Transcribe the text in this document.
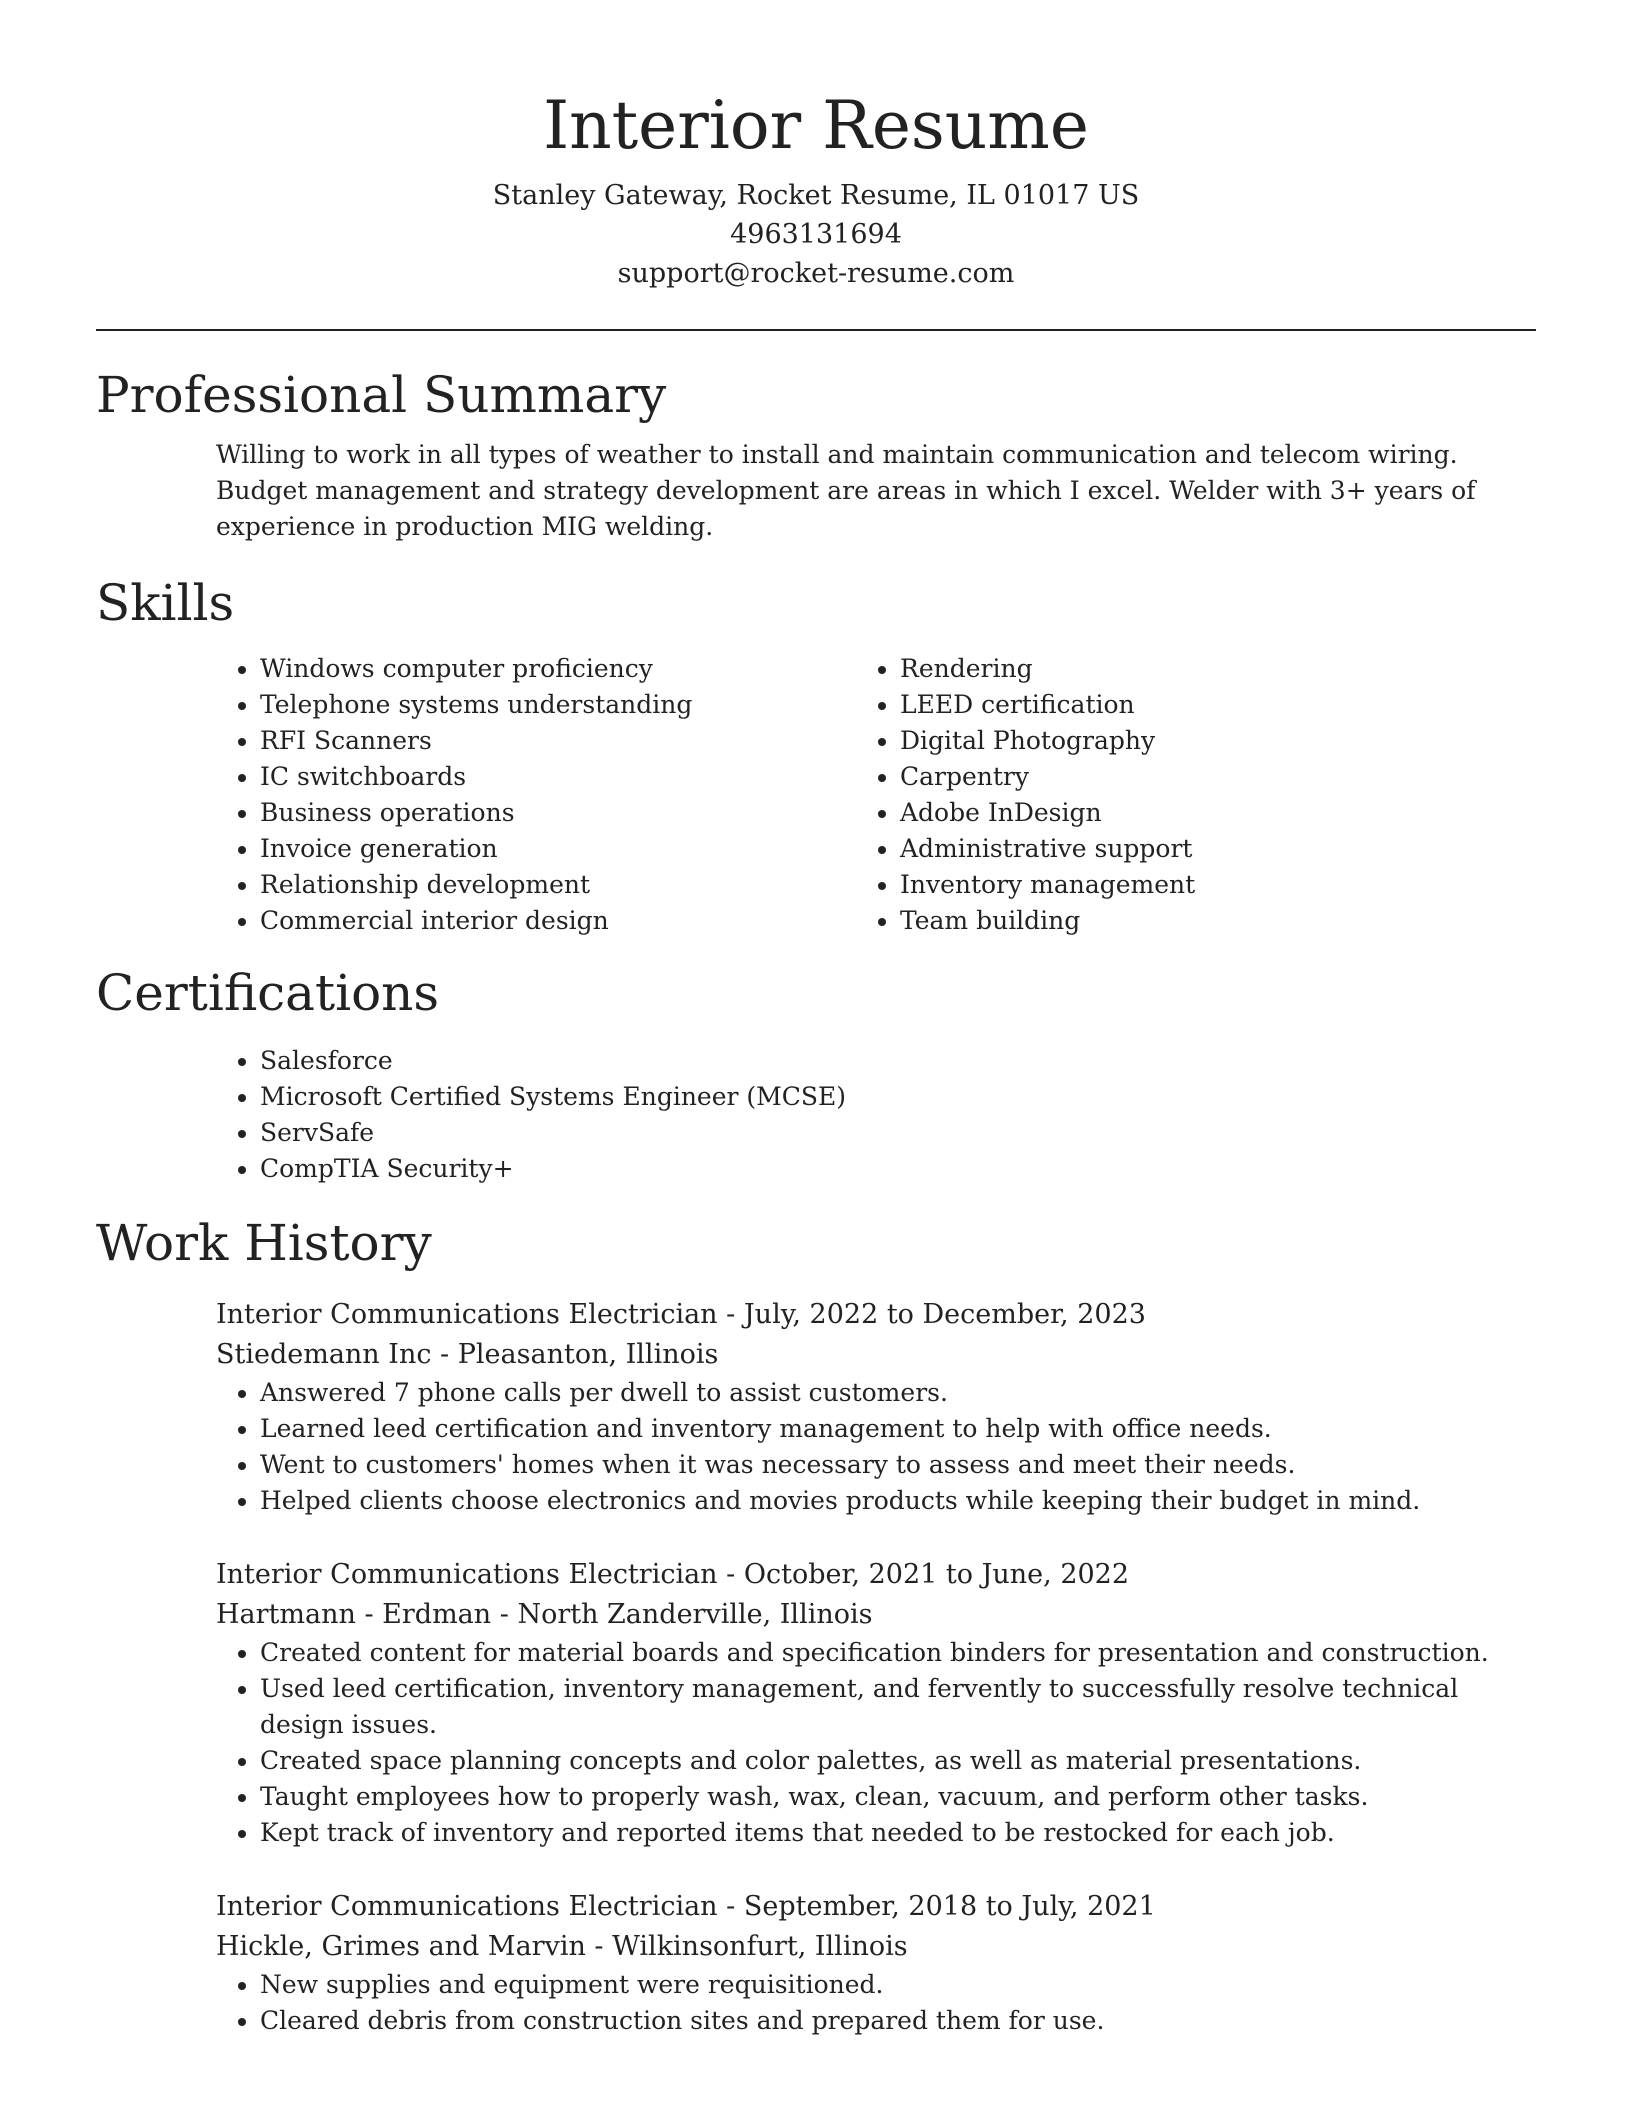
Interior Resume

Stanley Gateway, Rocket Resume, IL 01017 US

4963131694

support@rocket-resume.com

Professional Summary

Willing to work in all types of weather to install and maintain communication and telecom wiring. Budget management and strategy development are areas in which I excel. Welder with 3+ years of experience in production MIG welding.

Skills
• Windows computer proficiency
• Telephone systems understanding
• RFI Scanners
• IC switchboards
• Business operations
• Invoice generation
• Relationship development
• Commercial interior design
• Rendering
• LEED certification
• Digital Photography
• Carpentry
• Adobe InDesign
• Administrative support
• Inventory management
• Team building
Certifications
• Salesforce
• Microsoft Certified Systems Engineer (MCSE)
• ServSafe
• CompTIA Security+
Work History

Interior Communications Electrician - July, 2022 to December, 2023

Stiedemann Inc - Pleasanton, Illinois

• Answered 7 phone calls per dwell to assist customers.
• Learned leed certification and inventory management to help with office needs.
• Went to customers' homes when it was necessary to assess and meet their needs.
• Helped clients choose electronics and movies products while keeping their budget in mind.

Interior Communications Electrician - October, 2021 to June, 2022

Hartmann - Erdman - North Zanderville, Illinois

• Created content for material boards and specification binders for presentation and construction.
• Used leed certification, inventory management, and fervently to successfully resolve technical design issues.
• Created space planning concepts and color palettes, as well as material presentations.
• Taught employees how to properly wash, wax, clean, vacuum, and perform other tasks.
• Kept track of inventory and reported items that needed to be restocked for each job.

Interior Communications Electrician - September, 2018 to July, 2021

Hickle, Grimes and Marvin - Wilkinsonfurt, Illinois

• New supplies and equipment were requisitioned.
• Cleared debris from construction sites and prepared them for use.
